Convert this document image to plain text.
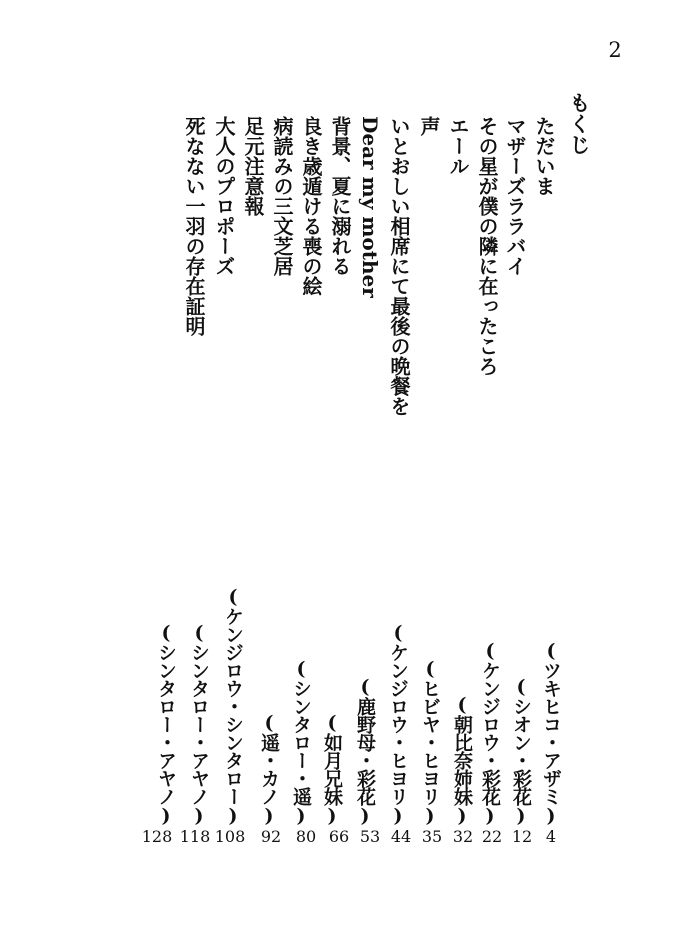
2
もくじ
ただいま
(ツキヒコ・アザミ)
4
マザーズララバイ
(シオン・彩花)
12
その星が僕の隣に在ったころ
(ケンジロウ・彩花)
22
エール
(朝比奈姉妹)
32
声
(ヒビヤ・ヒヨリ)
35
いとおしい相席にて最後の晩餐を
(ケンジロウ・ヒヨリ)
44
Dear my mother
(鹿野母・彩花)
53
背景、夏に溺れる
(如月兄妹)
66
良き歳遁ける喪の絵
(シンタロー・遥)
80
病読みの三文芝居
(遥・カノ)
92
足元注意報
(ケンジロウ・シンタロー)
108
大人のプロポーズ
(シンタロー・アヤノ)
118
死なない一羽の存在証明
(シンタロー・アヤノ)
128
